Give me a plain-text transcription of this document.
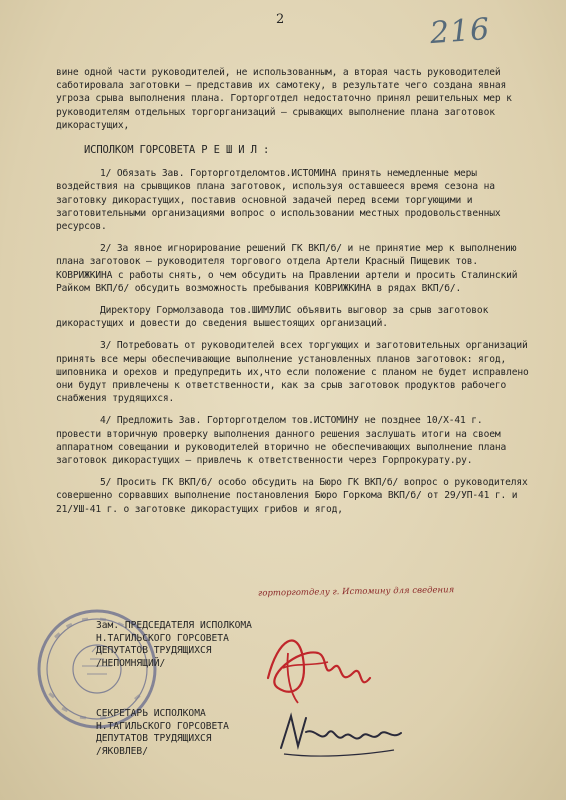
2	216

вине одной части руководителей, не использованным, а вторая часть руководителей саботировала заготовки – представив их самотеку, в результате чего создана явная угроза срыва выполнения плана. Горторготдел недостаточно принял решительных мер к руководителям отдельных торгорганизаций – срывающих выполнение плана заготовок дикорастущих,

ИСПОЛКОМ ГОРСОВЕТА Р Е Ш И Л :

1/ Обязать Зав. Горторготделомтов.ИСТОМИНА принять немедленные меры воздействия на срывщиков плана заготовок, используя оставшееся время сезона на заготовку дикорастущих, поставив основной задачей перед всеми торгующими и заготовительными организациями вопрос о использовании местных продовольственных ресурсов.

2/ За явное игнорирование решений ГК ВКП/б/ и не принятие мер к выполнению плана заготовок – руководителя торгового отдела Артели Красный Пищевик тов. КОВРИЖКИНА с работы снять, о чем обсудить на Правлении артели и просить Сталинский Райком ВКП/б/ обсудить возможность пребывания КОВРИЖКИНА в рядах ВКП/б/.

Директору Гормолзавода тов.ШИМУЛИС объявить выговор за срыв заготовок дикорастущих и довести до сведения вышестоящих организаций.

3/ Потребовать от руководителей всех торгующих и заготовительных организаций принять все меры обеспечивающие выполнение установленных планов заготовок: ягод, шиповника и орехов и предупредить их,что если положение с планом не будет исправлено они будут привлечены к ответственности, как за срыв заготовок продуктов рабочего снабжения трудящихся.

4/ Предложить Зав. Горторготделом тов.ИСТОМИНУ не позднее 10/X-41 г. провести вторичную проверку выполнения данного решения заслушать итоги на своем аппаратном совещании и руководителей вторично не обеспечивающих выполнение плана заготовок дикорастущих – привлечь к ответственности через Горпрокурату.ру.

5/ Просить ГК ВКП/б/ особо обсудить на Бюро ГК ВКП/б/ вопрос о руководителях совершенно сорвавших выполнение постановления Бюро Горкома ВКП/б/ от 29/УП-41 г. и 21/УШ-41 г. о заготовке дикорастущих грибов и ягод,

горторготделу г. Истомину для сведения
Зам. ПРЕДСЕДАТЕЛЯ ИСПОЛКОМА
Н.ТАГИЛЬСКОГО ГОРСОВЕТА
ДЕПУТАТОВ ТРУДЯЩИХСЯ
/НЕПОМНЯЩИЙ/
СЕКРЕТАРЬ ИСПОЛКОМА
Н.ТАГИЛЬСКОГО ГОРСОВЕТА
ДЕПУТАТОВ ТРУДЯЩИХСЯ
/ЯКОВЛЕВ/
